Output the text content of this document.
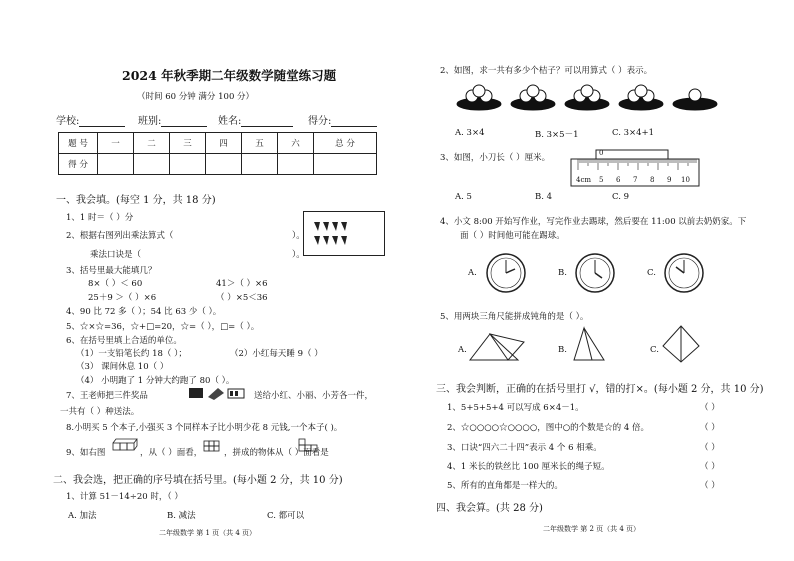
2024 年秋季期二年级数学随堂练习题
（时间 60 分钟 满分 100 分）
学校:	班别:	姓名:	得分:
题 号	一	二	三	四	五	六	总 分
得 分							
一、我会填。(每空 1 分，共 18 分)
1、1 时＝（ ）分
2、根据右图列出乘法算式（	）。
乘法口诀是（	）。
3、括号里最大能填几？
8×（ ）＜ 60	41＞（ ）×6
25＋9 ＞（ ）×6	（ ）×5＜36
4、90 比 72 多（ ）；54 比 63 少（ ）。
5、☆×☆=36，☆+□=20，☆=（ ），□=（ ）。
6、在括号里填上合适的单位。
（1）一支铅笔长约 18（ ）；	（2）小红每天睡 9（ ）
（3） 课间休息 10（ ）
（4） 小明跑了 1 分钟大约跑了 80（ ）。
7、王老师把三件奖品	送给小红、小丽、小芳各一件，
一共有（ ）种送法。
8.小明买 5 个本子,小强买 3 个同样本子比小明少花 8 元钱,一个本子( )。
9、如右图	，从（ ）面看，	，拼成的物体从（ ）面看是
二、我会选，把正确的序号填在括号里。(每小题 2 分，共 10 分)
1、计算 51－14÷20 时，（ ）
A. 加法	B. 减法	C. 都可以
二年级数学 第 1 页（共 4 页）
2、如图，求一共有多少个桔子？可以用算式（ ）表示。
A. 3×4	B. 3×5－1	C. 3×4+1
3、如图，小刀长（ ）厘米。	0
4cm 5 6 7 8 9 10
A. 5	B. 4	C. 9
4、小文 8:00 开始写作业，写完作业去踢球，然后要在 11:00 以前去奶奶家。下
面（ ）时间他可能在踢球。
A.	B.	C.
5、用两块三角尺能拼成钝角的是（ ）。
A.	B.	C.
三、我会判断，正确的在括号里打 √，错的打×。(每小题 2 分，共 10 分)
1、5+5+5+4 可以写成 6×4－1。
2、☆○○○○☆○○○○，图中○的个数是☆的 4 倍。
3、口诀“四六二十四”表示 4 个 6 相乘。
4、1 米长的铁丝比 100 厘米长的绳子短。
5、所有的直角都是一样大的。
（ ）
（ ）
（ ）
（ ）
（ ）
四、我会算。(共 28 分)
二年级数学 第 2 页（共 4 页）
